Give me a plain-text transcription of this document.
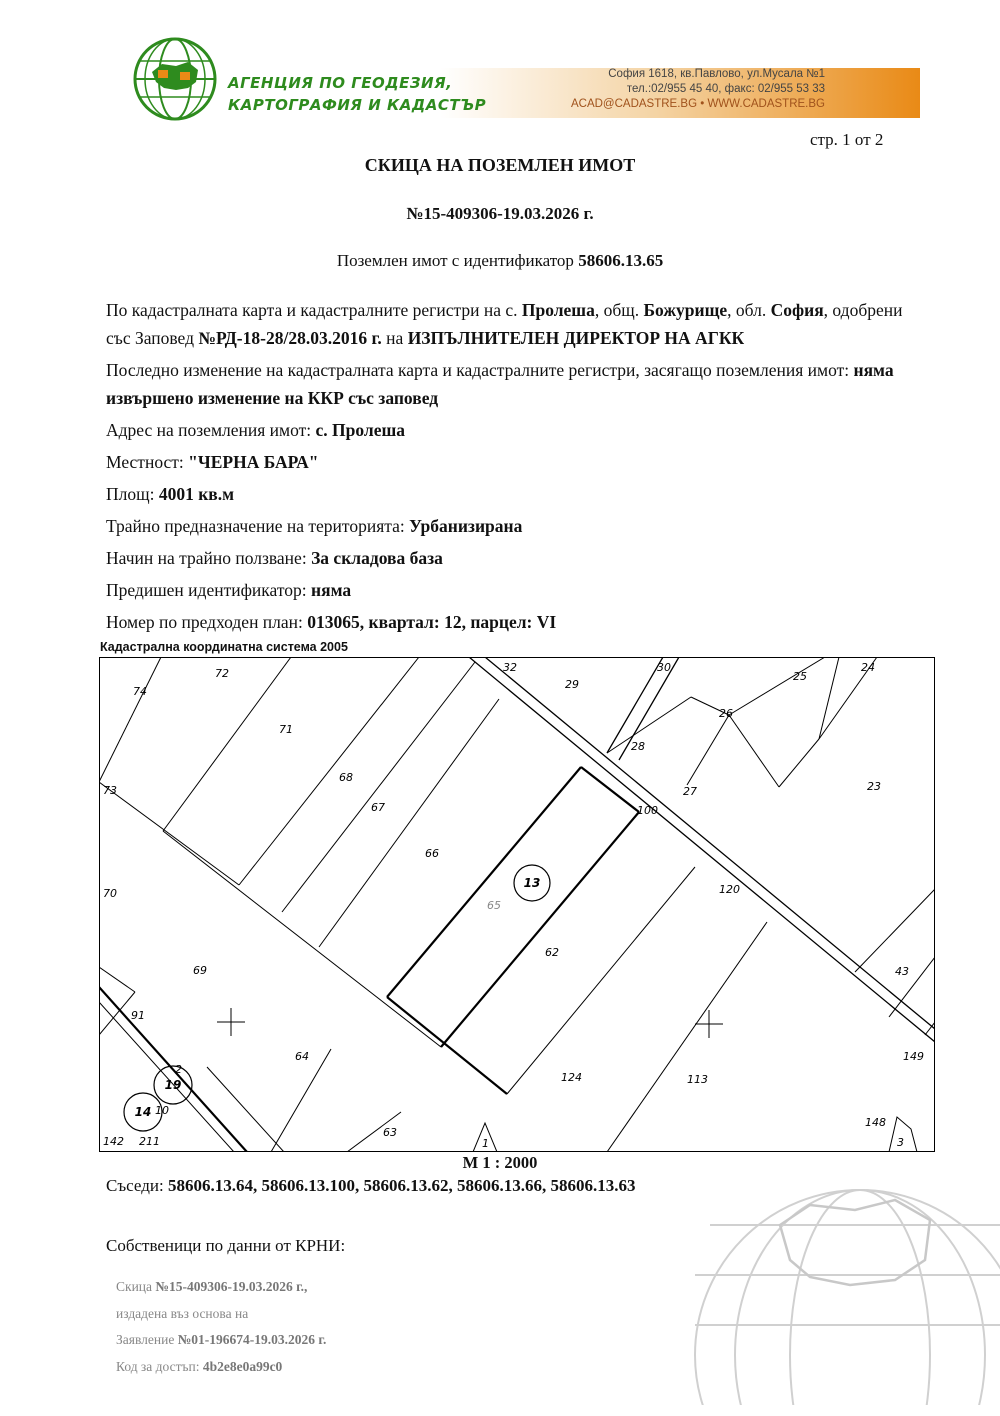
АГЕНЦИЯ ПО ГЕОДЕЗИЯ,
КАРТОГРАФИЯ И КАДАСТЪР
София 1618, кв.Павлово, ул.Мусала №1
тел.:02/955 45 40, факс: 02/955 53 33
ACAD@CADASTRE.BG • WWW.CADASTRE.BG
стр. 1 от 2
СКИЦА НА ПОЗЕМЛЕН ИМОТ
№15-409306-19.03.2026 г.
Поземлен имот с идентификатор 58606.13.65

По кадастралната карта и кадастралните регистри на с. Пролеша, общ. Божурище, обл. София, одобрени със Заповед №РД-18-28/28.03.2016 г. на ИЗПЪЛНИТЕЛЕН ДИРЕКТОР НА АГКК

Последно изменение на кадастралната карта и кадастралните регистри, засягащо поземления имот: няма извършено изменение на ККР със заповед

Адрес на поземления имот: с. Пролеша

Местност: "ЧЕРНА БАРА"

Площ: 4001 кв.м

Трайно предназначение на територията: Урбанизирана

Начин на трайно ползване: За складова база

Предишен идентификатор: няма

Номер по предходен план: 013065, квартал: 12, парцел: VI

Кадастрална координатна система 2005
74
72
71
68
67
66
65
62
69
64
63
124	113
32
29
30
28
26
25
27	23
100
120
43
149
148
3
1
73
70
91
2
10
142 211
24
13
19
14
М 1 : 2000
Съседи: 58606.13.64, 58606.13.100, 58606.13.62, 58606.13.66, 58606.13.63
Собственици по данни от КРНИ:
Скица №15-409306-19.03.2026 г.,
издадена въз основа на
Заявление №01-196674-19.03.2026 г.
Код за достъп: 4b2e8e0a99c0
